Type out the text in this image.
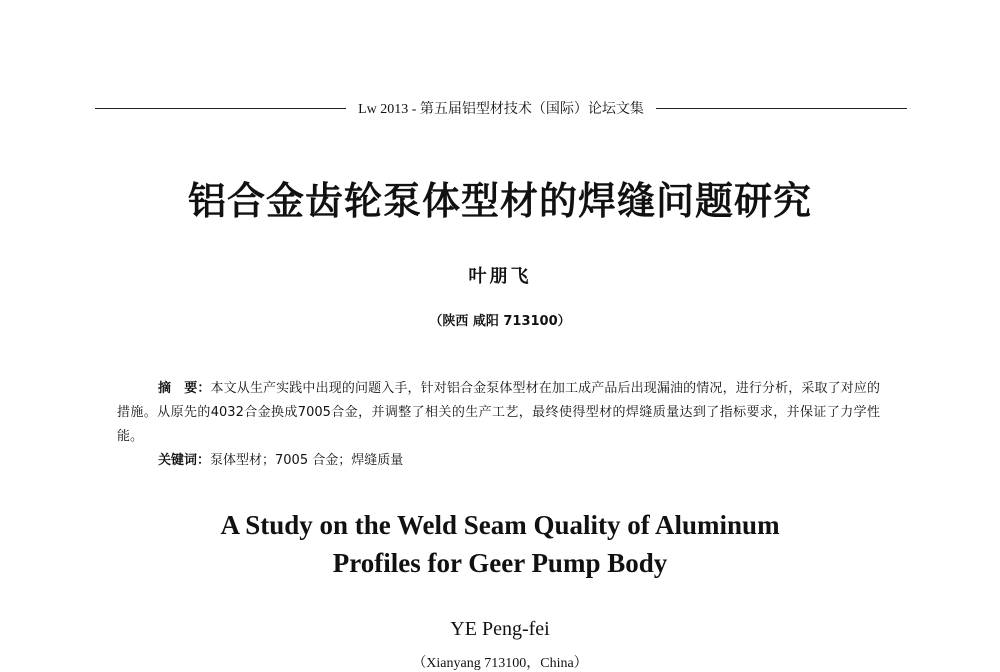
Lw 2013 - 第五届铝型材技术（国际）论坛文集
铝合金齿轮泵体型材的焊缝问题研究
叶朋飞
（陕西 咸阳 713100）

摘　要：本文从生产实践中出现的问题入手，针对铝合金泵体型材在加工成产品后出现漏油的情况，进行分析，采取了对应的措施。从原先的4032合金换成7005合金，并调整了相关的生产工艺，最终使得型材的焊缝质量达到了指标要求，并保证了力学性能。

关键词：泵体型材；7005 合金；焊缝质量

A Study on the Weld Seam Quality of Aluminum
Profiles for Geer Pump Body
YE Peng-fei
（Xianyang 713100，China）
